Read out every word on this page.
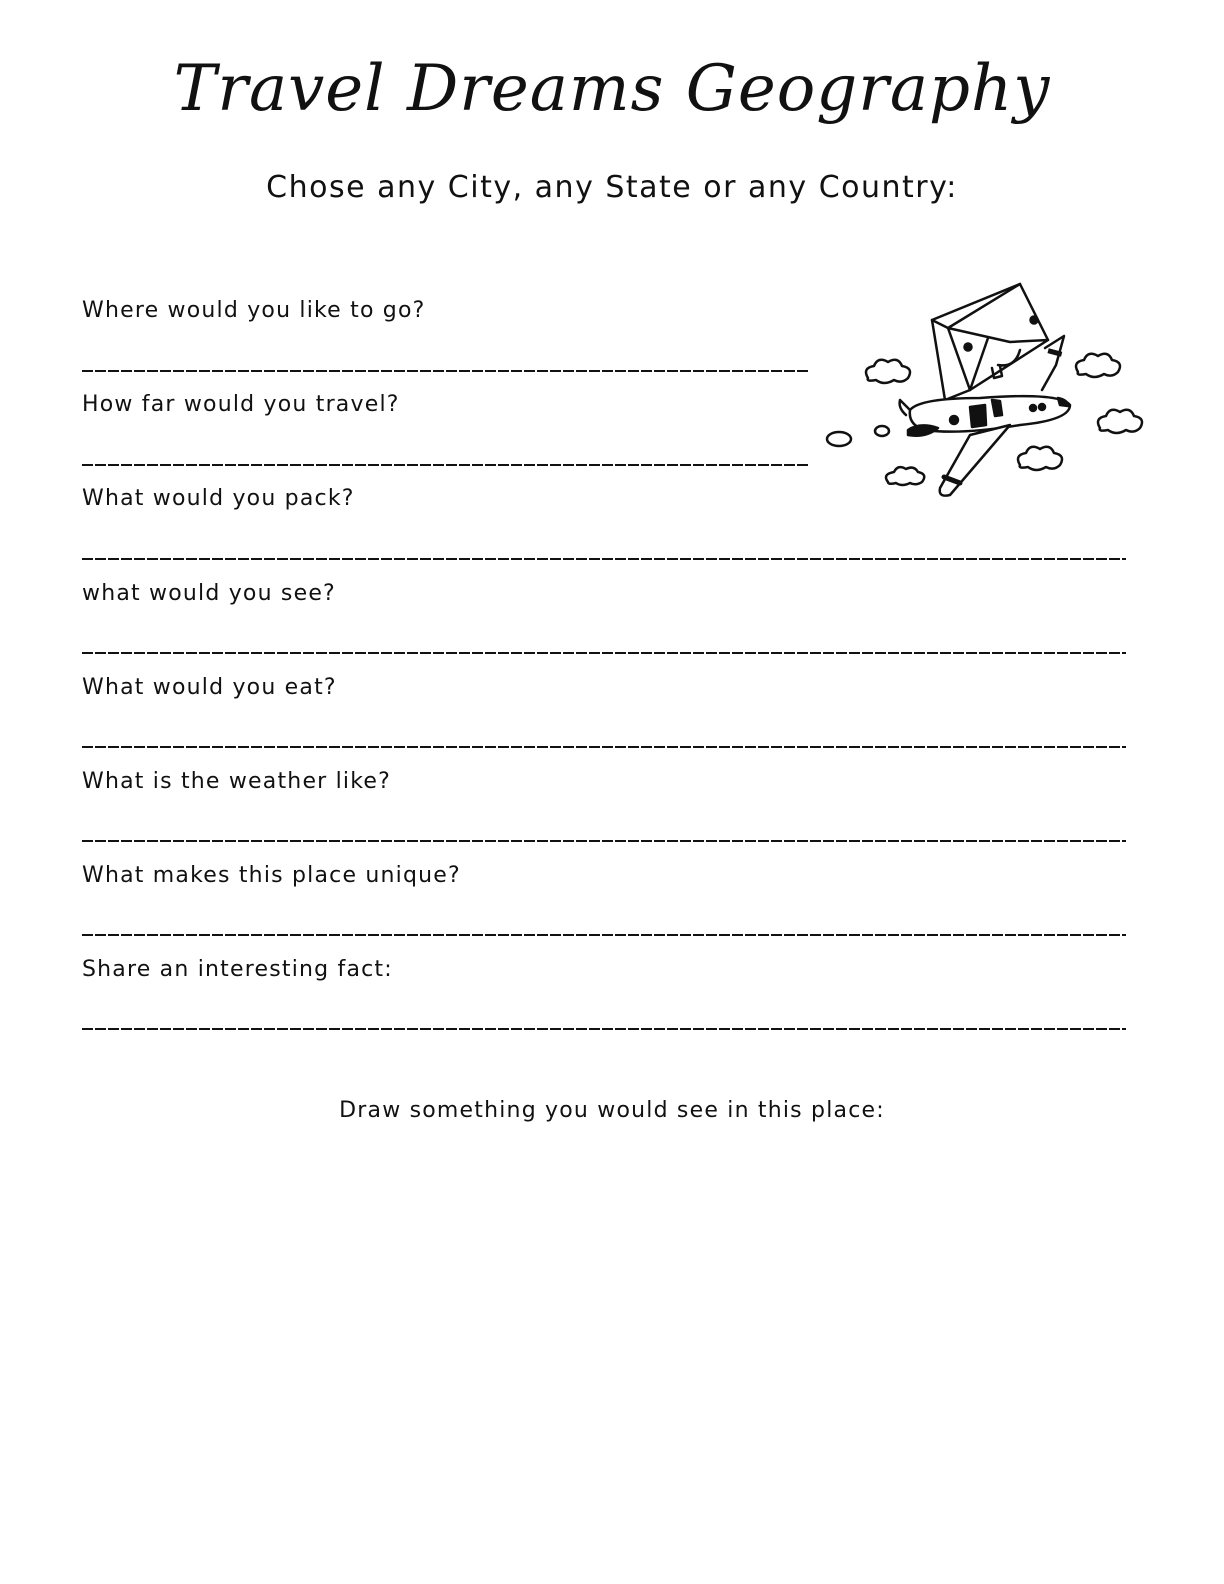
Travel Dreams Geography
Chose any City, any State or any Country:
Where would you like to go?
How far would you travel?
What would you pack?
what would you see?
What would you eat?
What is the weather like?
What makes this place unique?
Share an interesting fact:
Draw something you would see in this place:
